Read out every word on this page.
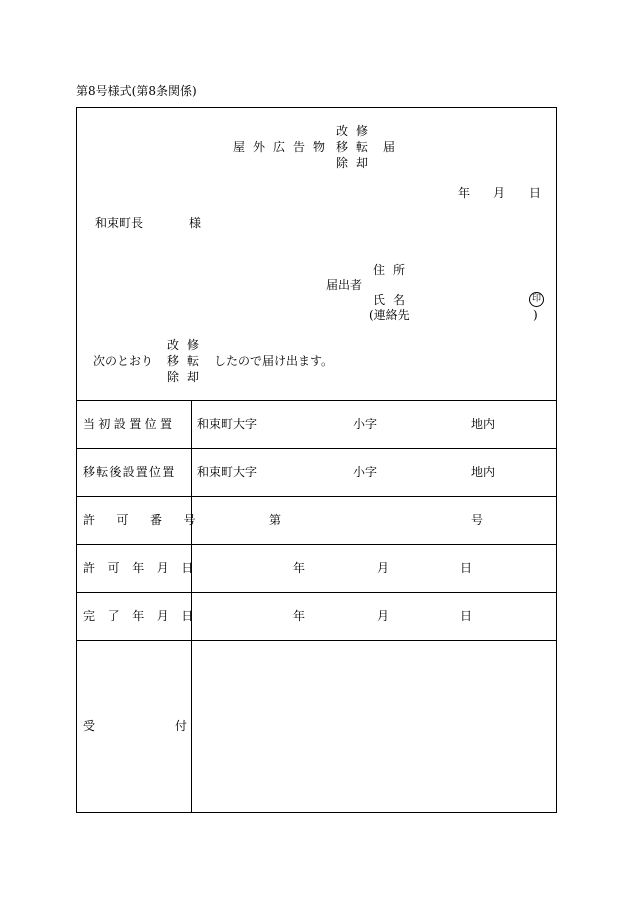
第8号様式(第8条関係)
改修
屋外広告物 移転 届
除却
年 月 日
和束町長	様
住所
届出者
氏名	印
(連絡先	)
改修
次のとおり 移転 したので届け出ます。
除却
当初設置位置 和束町大字	小字	地内
移転後設置位置 和束町大字	小字	地内
許可番号	第	号
許可年月日	年	月	日
完了年月日	年	月	日
受付
